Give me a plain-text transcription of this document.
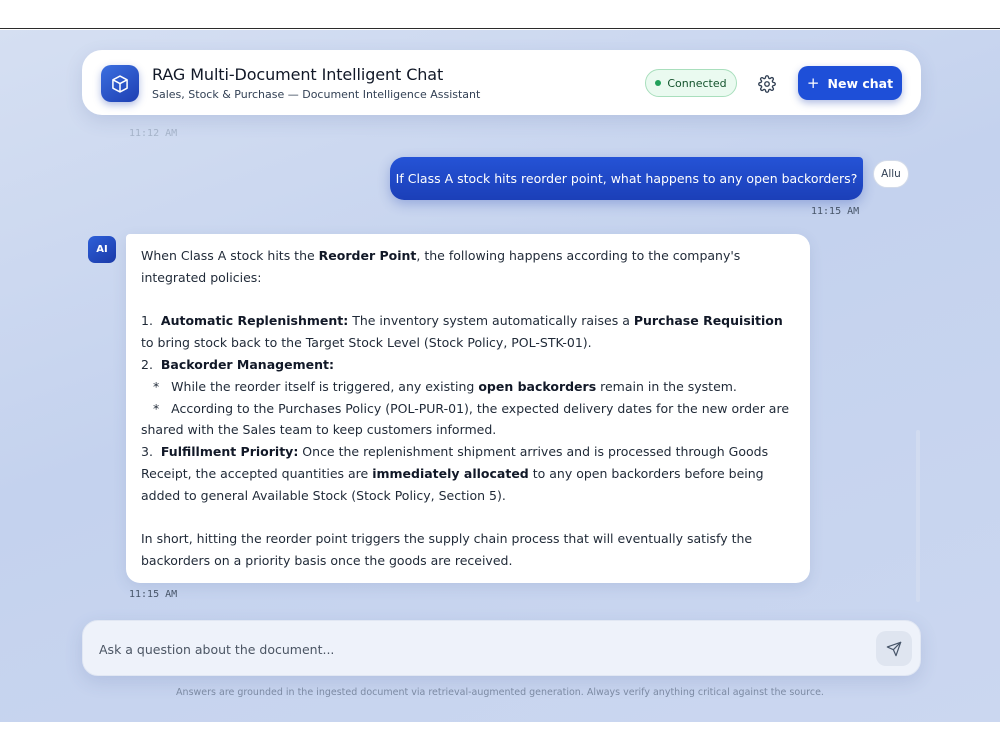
RAG Multi-Document Intelligent Chat
Sales, Stock & Purchase — Document Intelligence Assistant
Connected	+ New chat
11:12 AM
If Class A stock hits reorder point, what happens to any open backorders?	Allu
11:15 AM
AI	When Class A stock hits the Reorder Point, the following happens according to the company's integrated policies:

1. Automatic Replenishment: The inventory system automatically raises a Purchase Requisition to bring stock back to the Target Stock Level (Stock Policy, POL-STK-01).

2. Backorder Management:

* While the reorder itself is triggered, any existing open backorders remain in the system.

* According to the Purchases Policy (POL-PUR-01), the expected delivery dates for the new order are

shared with the Sales team to keep customers informed.

3. Fulfillment Priority: Once the replenishment shipment arrives and is processed through Goods Receipt, the accepted quantities are immediately allocated to any open backorders before being added to general Available Stock (Stock Policy, Section 5).

In short, hitting the reorder point triggers the supply chain process that will eventually satisfy the backorders on a priority basis once the goods are received.

11:15 AM
Ask a question about the document...
Answers are grounded in the ingested document via retrieval-augmented generation. Always verify anything critical against the source.
